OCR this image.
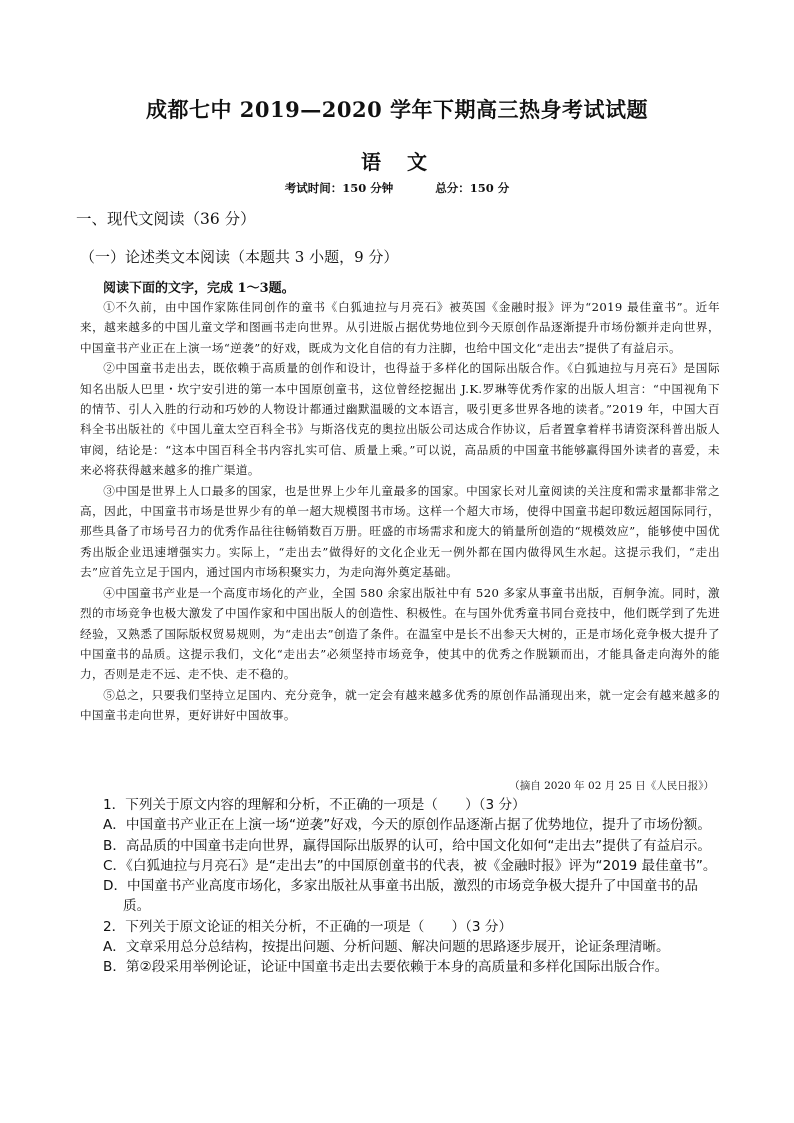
成都七中 2019—2020 学年下期高三热身考试试题
语文
考试时间：150 分钟	总分：150 分
一、现代文阅读（36 分）
（一）论述类文本阅读（本题共 3 小题，9 分）
阅读下面的文字，完成 1～3题。

①不久前，由中国作家陈佳同创作的童书《白狐迪拉与月亮石》被英国《金融时报》评为“2019 最佳童书”。近年来，越来越多的中国儿童文学和图画书走向世界。从引进版占据优势地位到今天原创作品逐渐提升市场份额并走向世界，中国童书产业正在上演一场“逆袭”的好戏，既成为文化自信的有力注脚，也给中国文化“走出去”提供了有益启示。

②中国童书走出去，既依赖于高质量的创作和设计，也得益于多样化的国际出版合作。《白狐迪拉与月亮石》是国际知名出版人巴里・坎宁安引进的第一本中国原创童书，这位曾经挖掘出 J.K.罗琳等优秀作家的出版人坦言：“中国视角下的情节、引人入胜的行动和巧妙的人物设计都通过幽默温暖的文本语言，吸引更多世界各地的读者。”2019 年，中国大百科全书出版社的《中国儿童太空百科全书》与斯洛伐克的奥拉出版公司达成合作协议，后者置拿着样书请资深科普出版人审阅，结论是：“这本中国百科全书内容扎实可信、质量上乘。”可以说，高品质的中国童书能够赢得国外读者的喜爱，未来必将获得越来越多的推广渠道。

③中国是世界上人口最多的国家，也是世界上少年儿童最多的国家。中国家长对儿童阅读的关注度和需求量都非常之高，因此，中国童书市场是世界少有的单一超大规模图书市场。这样一个超大市场，使得中国童书起印数远超国际同行，那些具备了市场号召力的优秀作品往往畅销数百万册。旺盛的市场需求和庞大的销量所创造的“规模效应”，能够使中国优秀出版企业迅速增强实力。实际上，“走出去”做得好的文化企业无一例外都在国内做得风生水起。这提示我们，“走出去”应首先立足于国内，通过国内市场积聚实力，为走向海外奠定基础。

④中国童书产业是一个高度市场化的产业，全国 580 余家出版社中有 520 多家从事童书出版，百舸争流。同时，激烈的市场竞争也极大激发了中国作家和中国出版人的创造性、积极性。在与国外优秀童书同台竞技中，他们既学到了先进经验，又熟悉了国际版权贸易规则，为“走出去”创造了条件。在温室中是长不出参天大树的，正是市场化竞争极大提升了中国童书的品质。这提示我们，文化“走出去”必须坚持市场竞争，使其中的优秀之作脱颖而出，才能具备走向海外的能力，否则是走不远、走不快、走不稳的。

⑤总之，只要我们坚持立足国内、充分竞争，就一定会有越来越多优秀的原创作品涌现出来，就一定会有越来越多的中国童书走向世界，更好讲好中国故事。

（摘自 2020 年 02 月 25 日《人民日报》）

1．下列关于原文内容的理解和分析，不正确的一项是（　　）（3 分）

A．中国童书产业正在上演一场“逆袭”好戏，今天的原创作品逐渐占据了优势地位，提升了市场份额。

B．高品质的中国童书走向世界，赢得国际出版界的认可，给中国文化如何“走出去”提供了有益启示。

C．《白狐迪拉与月亮石》是“走出去”的中国原创童书的代表，被《金融时报》评为“2019 最佳童书”。

D．中国童书产业高度市场化，多家出版社从事童书出版，激烈的市场竞争极大提升了中国童书的品质。

2．下列关于原文论证的相关分析，不正确的一项是（　　）（3 分）

A．文章采用总分总结构，按提出问题、分析问题、解决问题的思路逐步展开，论证条理清晰。

B．第②段采用举例论证，论证中国童书走出去要依赖于本身的高质量和多样化国际出版合作。
